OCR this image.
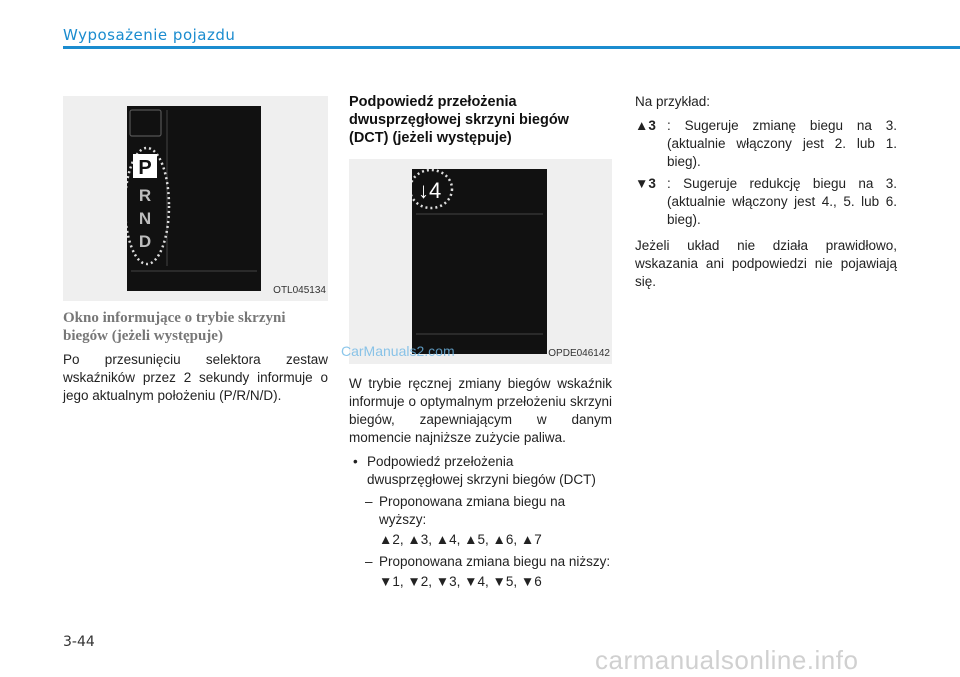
Wyposażenie pojazdu
P
R
N
D
OTL045134
Okno informujące o trybie skrzyni biegów (jeżeli występuje)

Po przesunięciu selektora zestaw wskaźników przez 2 sekundy informuje o jego aktualnym położeniu (P/R/N/D).

Podpowiedź przełożenia dwusprzęgłowej skrzyni biegów (DCT) (jeżeli występuje)
↓4
OPDE046142

W trybie ręcznej zmiany biegów wskaźnik informuje o optymalnym przełożeniu skrzyni biegów, zapewniającym w danym momencie najniższe zużycie paliwa.

• Podpowiedź przełożenia dwusprzęgłowej skrzyni biegów (DCT)
– Proponowana zmiana biegu na wyższy:
▲2, ▲3, ▲4, ▲5, ▲6, ▲7
– Proponowana zmiana biegu na niższy:
▼1, ▼2, ▼3, ▼4, ▼5, ▼6

Na przykład:

▲3 : Sugeruje zmianę biegu na 3. (aktualnie włączony jest 2. lub 1. bieg).
▼3 : Sugeruje redukcję biegu na 3. (aktualnie włączony jest 4., 5. lub 6. bieg).

Jeżeli układ nie działa prawidłowo, wskazania ani podpowiedzi nie pojawiają się.

CarManuals2.com
3-44
carmanualsonline.info
